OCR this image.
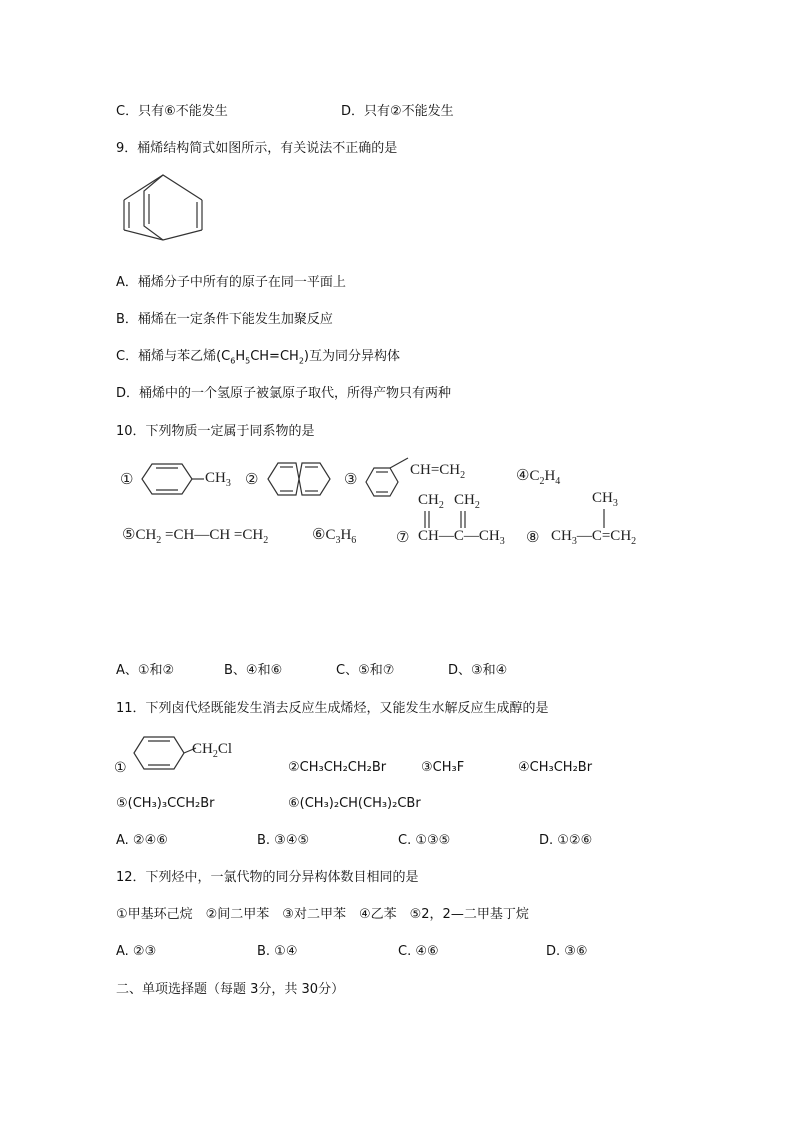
C．只有⑥不能发生	D．只有②不能发生
9．桶烯结构简式如图所示，有关说法不正确的是
A．桶烯分子中所有的原子在同一平面上
B．桶烯在一定条件下能发生加聚反应
C．桶烯与苯乙烯$(C_6H_5CH=CH_2)$互为同分异构体
D．桶烯中的一个氢原子被氯原子取代，所得产物只有两种
10．下列物质一定属于同系物的是
①	$CH_3$ ②	③
$CH=CH_2$	$④C_2H_4$
$⑤CH_2$ =CH—CH $=CH_2$	$⑥C_3H_6$	⑦
$CH_2$ $CH_2$
$CH—C—CH_3$ ⑧
$CH_3$
$CH_3—C=CH_2$
A、①和②	B、④和⑥	C、⑤和⑦	D、③和④
11．下列卤代烃既能发生消去反应生成烯烃，又能发生水解反应生成醇的是
$CH_2Cl$
①	②CH₃CH₂CH₂Br	③CH₃F	④CH₃CH₂Br
⑤(CH₃)₃CCH₂Br	⑥(CH₃)₂CH(CH₃)₂CBr
A. ②④⑥	B. ③④⑤	C. ①③⑤	D. ①②⑥
12．下列烃中，一氯代物的同分异构体数目相同的是
①甲基环己烷　②间二甲苯　③对二甲苯　④乙苯　⑤2，2—二甲基丁烷
A. ②③	B. ①④	C. ④⑥	D. ③⑥
二、单项选择题（每题 3分，共 30分）
